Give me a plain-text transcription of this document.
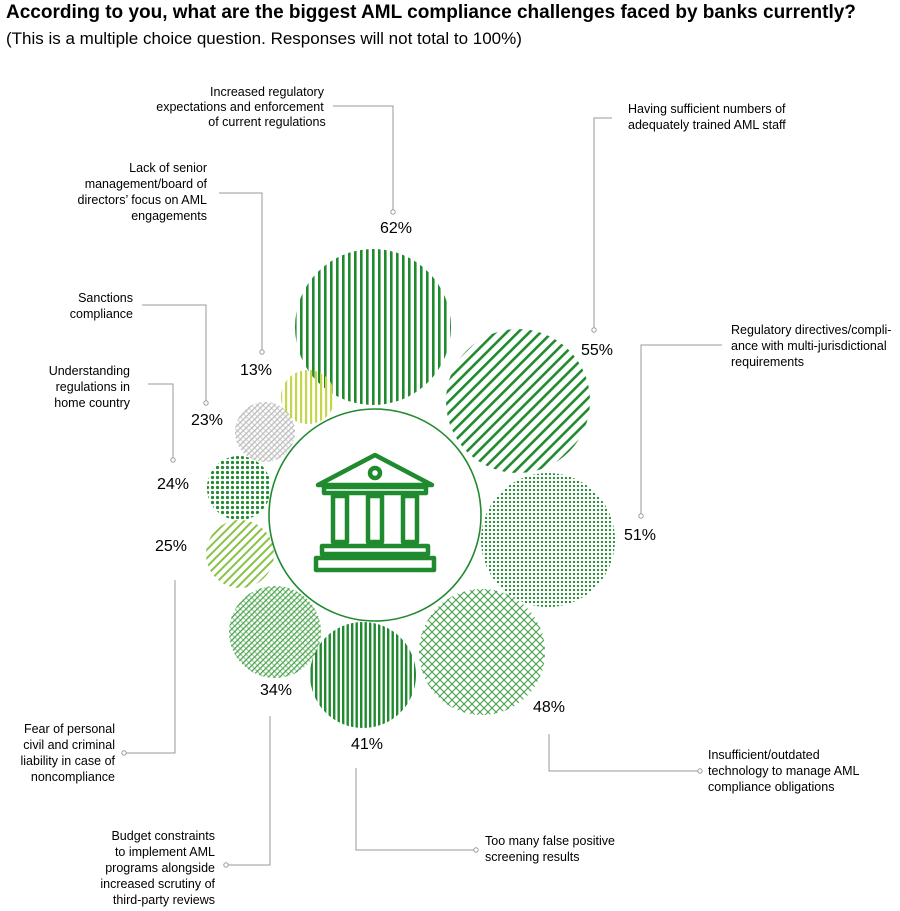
According to you, what are the biggest AML compliance challenges faced by banks currently?
(This is a multiple choice question. Responses will not total to 100%)
62%
Increased regulatory expectations and enforcement of current regulations
55%
Having sufficient numbers of adequately trained AML staff
51%
Regulatory directives/compli-ance with multi-jurisdictional requirements
48%
Insufficient/outdated technology to manage AML compliance obligations
41%
Too many false positive screening results
34%
Budget constraints to implement AML programs alongside increased scrutiny of third-party reviews
25%
Fear of personal civil and criminal liability in case of noncompliance
24%
Understanding regulations in home country
23%
Sanctions compliance
13%
Lack of senior management/board of directors’ focus on AML engagements
